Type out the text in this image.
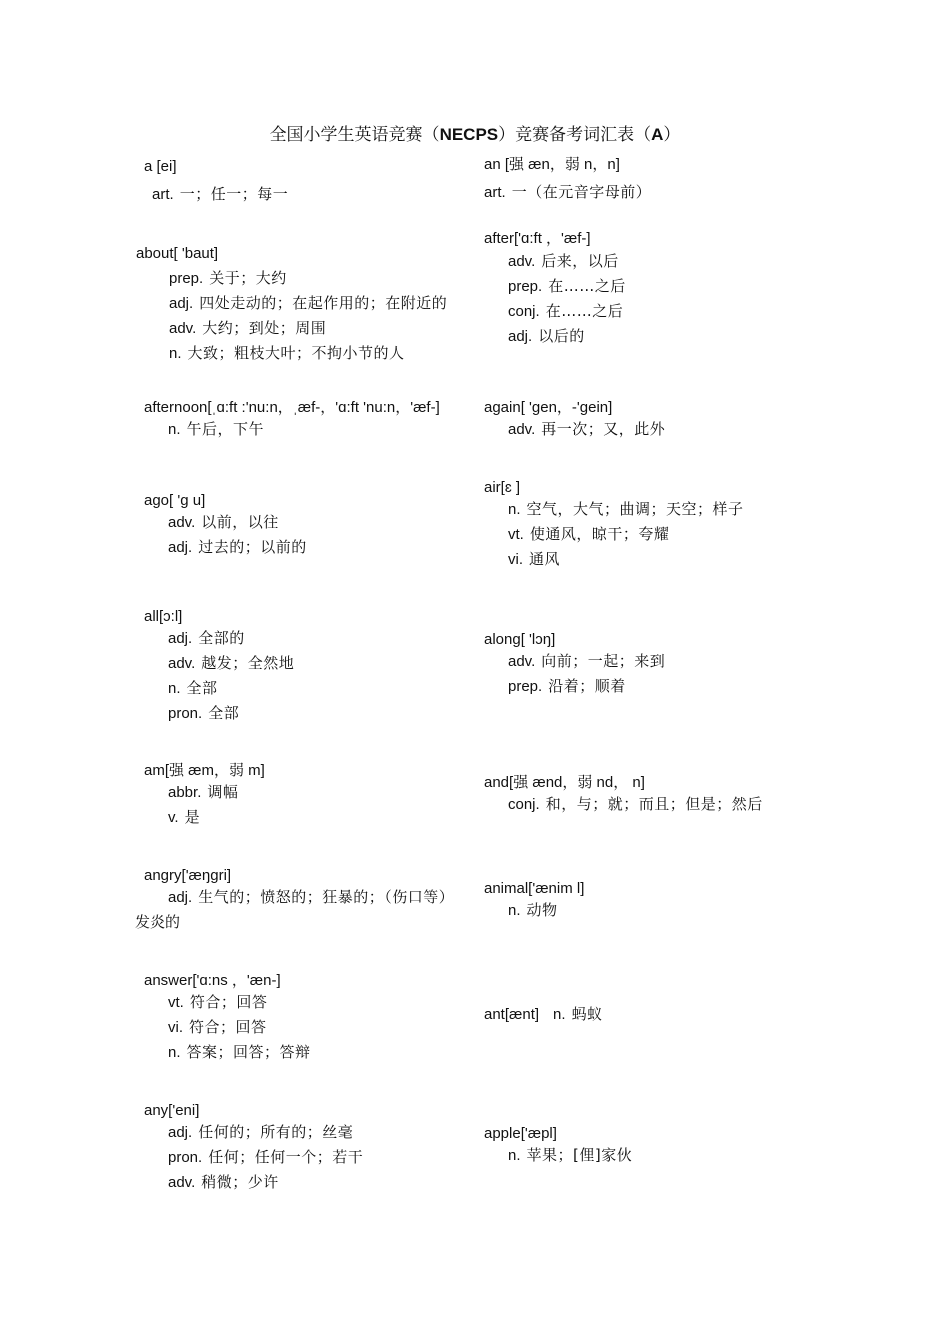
全国小学生英语竞赛（NECPS）竞赛备考词汇表（A）
a [ei]
art. 一；任一；每一
an [强 æn，弱 n，n]
art. 一（在元音字母前）
about[ 'baut]
prep. 关于；大约
adj. 四处走动的；在起作用的；在附近的
adv. 大约；到处；周围
n. 大致；粗枝大叶；不拘小节的人
after['ɑ:ft ，'æf-]
adv. 后来，以后
prep. 在……之后
conj. 在……之后
adj. 以后的
afternoon[ˌɑ:ft :'nu:n，ˌæf-，'ɑ:ft 'nu:n，'æf-]
n. 午后，下午
again[ 'ɡen，-'ɡein]
adv. 再一次；又，此外
ago[ 'ɡ u]
adv. 以前，以往
adj. 过去的；以前的
air[ɛ ]
n. 空气，大气；曲调；天空；样子
vt. 使通风，晾干；夸耀
vi. 通风
all[ɔ:l]
adj. 全部的
adv. 越发；全然地
n. 全部
pron. 全部
along[ 'lɔŋ]
adv. 向前；一起；来到
prep. 沿着；顺着
am[强 æm，弱 m]
abbr. 调幅
v. 是
and[强 ænd，弱 nd， n]
conj. 和，与；就；而且；但是；然后
angry['æŋɡri]
adj. 生气的；愤怒的；狂暴的；（伤口等）
发炎的
animal['ænim l]
n. 动物
answer['ɑ:ns ，'æn-]
vt. 符合；回答
vi. 符合；回答
n. 答案；回答；答辩
ant[ænt] n. 蚂蚁
any['eni]
adj. 任何的；所有的；丝毫
pron. 任何；任何一个；若干
adv. 稍微；少许
apple['æpl]
n. 苹果；[俚]家伙
